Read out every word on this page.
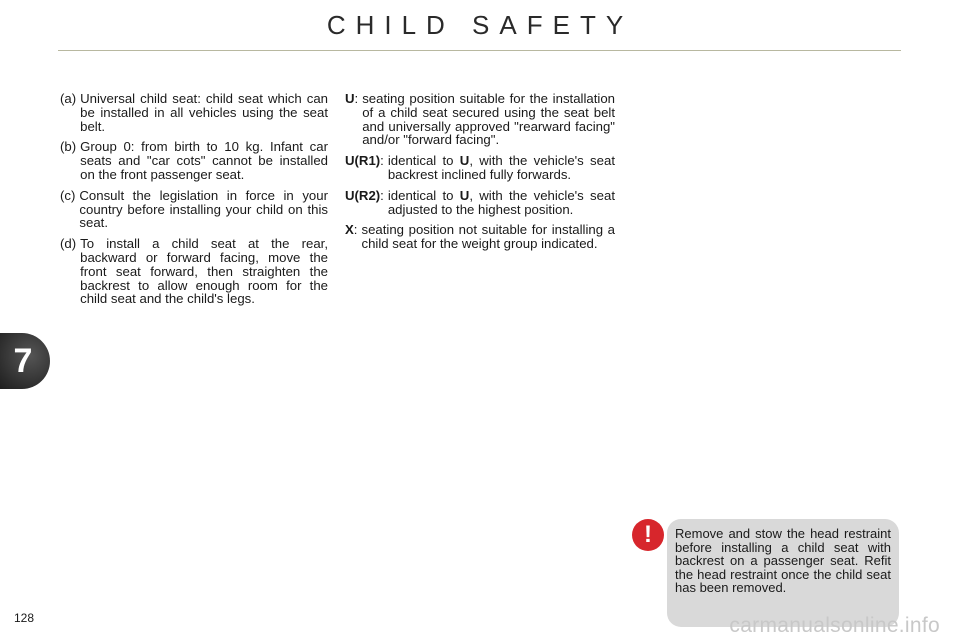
CHILD SAFETY
(a) Universal child seat: child seat which can be installed in all vehicles using the seat belt.
(b) Group 0: from birth to 10 kg. Infant car seats and "car cots" cannot be installed on the front passenger seat.
(c) Consult the legislation in force in your country before installing your child on this seat.
(d) To install a child seat at the rear, backward or forward facing, move the front seat forward, then straighten the backrest to allow enough room for the child seat and the child's legs.
U: seating position suitable for the installation of a child seat secured using the seat belt and universally approved "rearward facing" and/or "forward facing".
U(R1): identical to U, with the vehicle's seat backrest inclined fully forwards.
U(R2): identical to U, with the vehicle's seat adjusted to the highest position.
X: seating position not suitable for installing a child seat for the weight group indicated.
7
!	Remove and stow the head restraint before installing a child seat with backrest on a passenger seat. Refit the head restraint once the child seat has been removed.
128	carmanualsonline.info
